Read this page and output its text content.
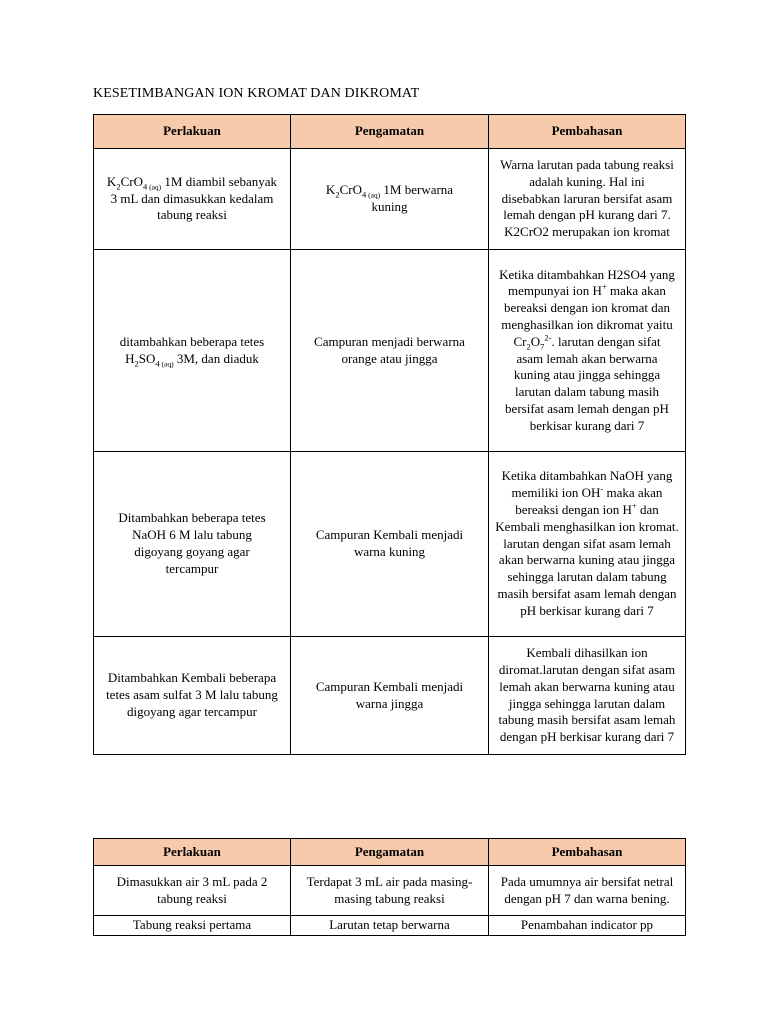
KESETIMBANGAN ION KROMAT DAN DIKROMAT
Perlakuan	Pengamatan	Pembahasan
$K_2CrO_4$ $_{(aq)}$ 1M diambil sebanyak 3 mL dan dimasukkan kedalam tabung reaksi	$K_2CrO_4$ $_{(aq)}$ 1M berwarna kuning	Warna larutan pada tabung reaksi adalah kuning. Hal ini disebabkan laruran bersifat asam lemah dengan pH kurang dari 7. K2CrO2 merupakan ion kromat
ditambahkan beberapa tetes $H_2SO_4$ $_{(aq)}$ 3M, dan diaduk	Campuran menjadi berwarna orange atau jingga	Ketika ditambahkan H2SO4 yang mempunyai ion H+ maka akan bereaksi dengan ion kromat dan menghasilkan ion dikromat yaitu $Cr_2O_7^{2-}$. larutan dengan sifat asam lemah akan berwarna kuning atau jingga sehingga larutan dalam tabung masih bersifat asam lemah dengan pH berkisar kurang dari 7
Ditambahkan beberapa tetes NaOH 6 M lalu tabung digoyang goyang agar tercampur	Campuran Kembali menjadi warna kuning	Ketika ditambahkan NaOH yang memiliki ion OH- maka akan bereaksi dengan ion H+ dan Kembali menghasilkan ion kromat. larutan dengan sifat asam lemah akan berwarna kuning atau jingga sehingga larutan dalam tabung masih bersifat asam lemah dengan pH berkisar kurang dari 7
Ditambahkan Kembali beberapa tetes asam sulfat 3 M lalu tabung digoyang agar tercampur	Campuran Kembali menjadi warna jingga	Kembali dihasilkan ion diromat.larutan dengan sifat asam lemah akan berwarna kuning atau jingga sehingga larutan dalam tabung masih bersifat asam lemah dengan pH berkisar kurang dari 7
Perlakuan	Pengamatan	Pembahasan
Dimasukkan air 3 mL pada 2 tabung reaksi	Terdapat 3 mL air pada masing-masing tabung reaksi	Pada umumnya air bersifat netral dengan pH 7 dan warna bening.
Tabung reaksi pertama	Larutan tetap berwarna	Penambahan indicator pp
